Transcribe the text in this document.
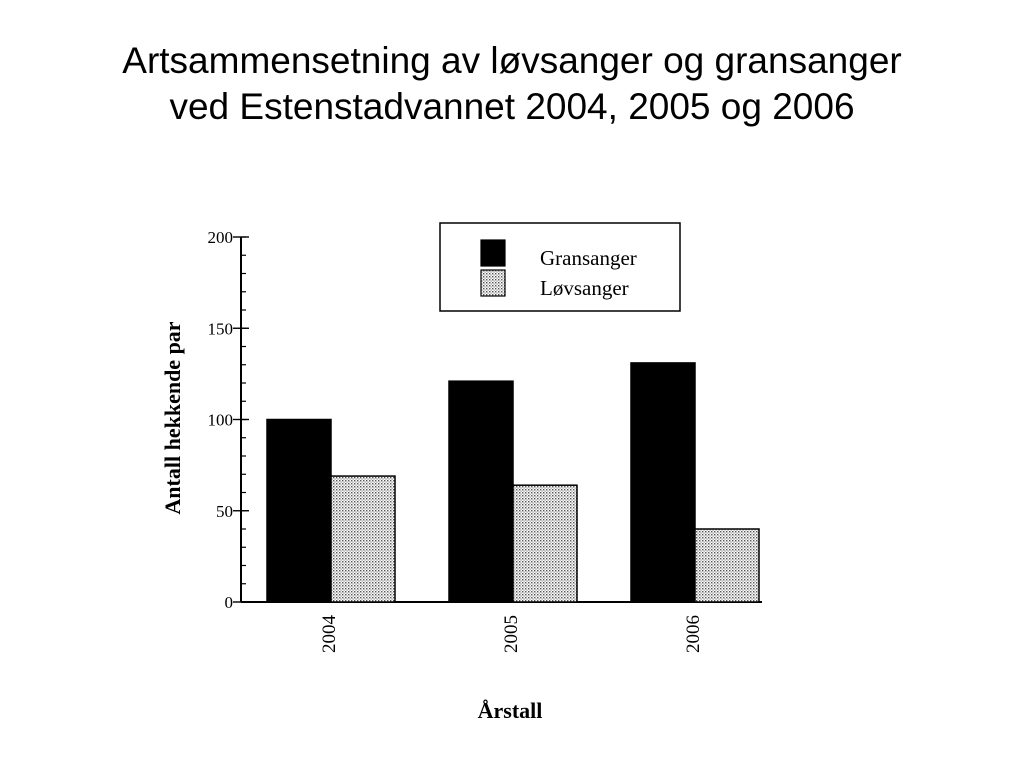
Artsammensetning av løvsanger og gransanger
ved Estenstadvannet 2004, 2005 og 2006
0
50
100
150
200
Antall hekkende par
Årstall
2004	2005	2006
Gransanger
Løvsanger
